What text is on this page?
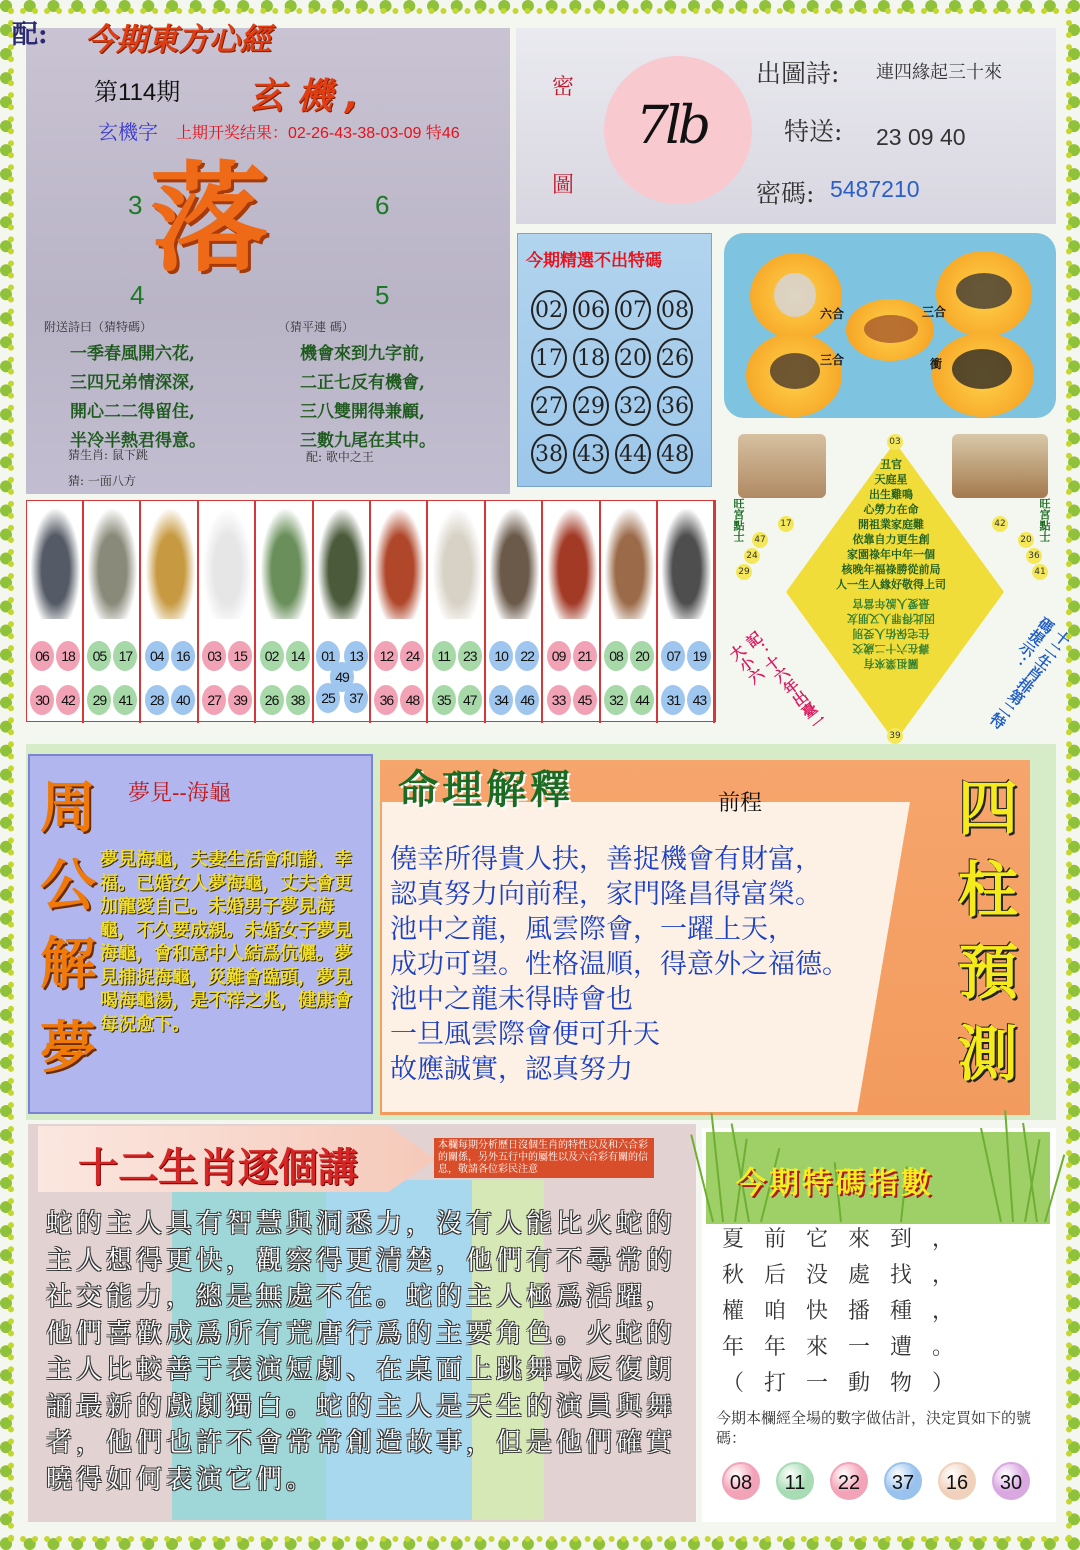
配: 今期東方心經
第114期 玄 機 ,
玄機字 上期开奖结果：02-26-43-38-03-09 特46
3	6
4	5
落
附送詩曰（猜特碼）	（猜平連 碼）
一季春風開六花,
三四兄弟情深深,
開心二二得留住,
半冷半熱君得意。
機會來到九字前,
二正七反有機會,
三八雙開得兼顧,
三數九尾在其中。
猜生肖: 鼠下跳	配: 歌中之王
猜: 一面八方
密
圖
7lb
出圖詩: 連四緣起三十來
特送: 23 09 40
密碼: 5487210
今期精選不出特碼
02 06 07 08
17 18 20 26
27 29 32 36
38 43 44 48
六合	三合
三合	衝
06 18
30 42
05 17
29 41
04 16
28 40
03 15
27 39
02 14
26 38
01	13
25	37
49
12 24
36 48
11 23
35 47
10 22
34 46
09 21
33 45
08 20
32 44
07 19
31 43
03
39
丑官
天庭星
出生雞鳴
心勞力在命
開祖業家庭難
依靠自力更生創
家園祿年中年一個
核晚年福祿勝從前局
人一生人緣好敬得上司
最愛人說年當官
因此得罪人又朋友
住宅保佑人受別
壽在六十二歲交
關祖業來有
旺宮點士	旺宮點士
17
47
24
29
42
20
36
41
記：十六年出臺一大小六	十二生肖排第二特碼提示：
周
公
解
夢
夢見--海龜
夢見海龜，夫妻生活會和諧、幸福。已婚女人夢海龜，丈夫會更加寵愛自己。未婚男子夢見海龜，不久要成親。未婚女子夢見海龜，會和意中人結爲伉儷。夢見捕捉海龜，災難會臨頭，夢見喝海龜湯，是不祥之兆，健康會每況愈下。
命理解釋	前程
僥幸所得貴人扶，善捉機會有財富，
認真努力向前程，家門隆昌得富榮。
池中之龍，風雲際會，一躍上天，
成功可望。性格温順，得意外之福德。
池中之龍未得時會也
一旦風雲際會便可升天
故應誠實，認真努力
四柱預測
十二生肖逐個講	本欄每期分析歷日沒個生肖的特性以及和六合彩的關係，另外五行中的屬性以及六合彩有關的信息，敬請各位彩民注意
蛇的主人具有智慧與洞悉力，沒有人能比火蛇的主人想得更快，觀察得更清楚，他們有不尋常的社交能力，總是無處不在。蛇的主人極爲活躍，他們喜歡成爲所有荒唐行爲的主要角色。火蛇的主人比較善于表演短劇、在桌面上跳舞或反復朗誦最新的戲劇獨白。蛇的主人是天生的演員與舞者，他們也許不會常常創造故事，但是他們確實曉得如何表演它們。
今期特碼指數
夏前它來到，
秋后没處找，
權咱快播種，
年年來一遭。
（打一動物）
今期本欄經全場的數字做估計，決定買如下的號碼：
08	11	22	37	16	30
